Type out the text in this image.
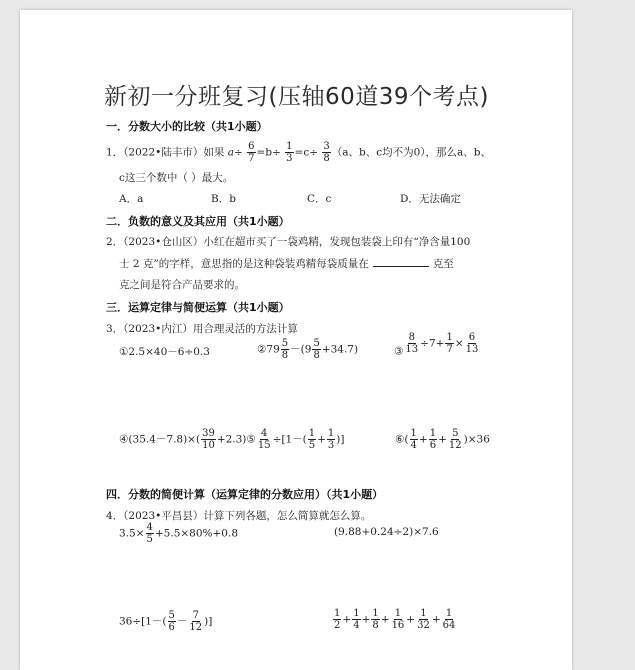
新初一分班复习(压轴60道39个考点)
一．分数大小的比较（共1小题）
1．（2022•陆丰市）如果 $a\div \frac{6}{7} =b\div \frac{1}{3} =c\div \frac{3}{8} (a$、b、c均不为0），那么a、b、
c这三个数中（ ）最大。
A．a	B．b	C．c	D．无法确定
二．负数的意义及其应用（共1小题）
2．（2023•仓山区）小红在超市买了一袋鸡精，发现包装袋上印有“净含量100
士 2 克”的字样，意思指的是这种袋装鸡精每袋质量在	克至
克之间是符合产品要求的。
三．运算定律与简便运算（共1小题）
3．（2023•内江）用合理灵活的方法计算
①2.5×40－6÷0.3	②79 $\frac{5}{8} -(9 \frac{5}{8} +34.7)$	③ $\frac{8}{13} \div 7+ \frac{1}{7} \times \frac{6}{13}$
④(35.4－7.8)×( $\frac{39}{10}$ +2.3)⑤ $\frac{4}{15} \div[1-( \frac{1}{5} + \frac{1}{3}$ )]	⑥( $\frac{1}{4} + \frac{1}{6} + \frac{5}{12} )\times 36$
四．分数的简便计算（运算定律的分数应用）（共1小题）
4．（2023•平昌县）计算下列各题，怎么简算就怎么算。
$3.5\times \frac{4}{5} +5.5\times 80\%+0.8$	(9.88+0.24÷2)×7.6
$36\div[1-( \frac{5}{6} - \frac{7}{12}$ )]	$\frac{1}{2} + \frac{1}{4} + \frac{1}{8} + \frac{1}{16} + \frac{1}{32} + \frac{1}{64}$
